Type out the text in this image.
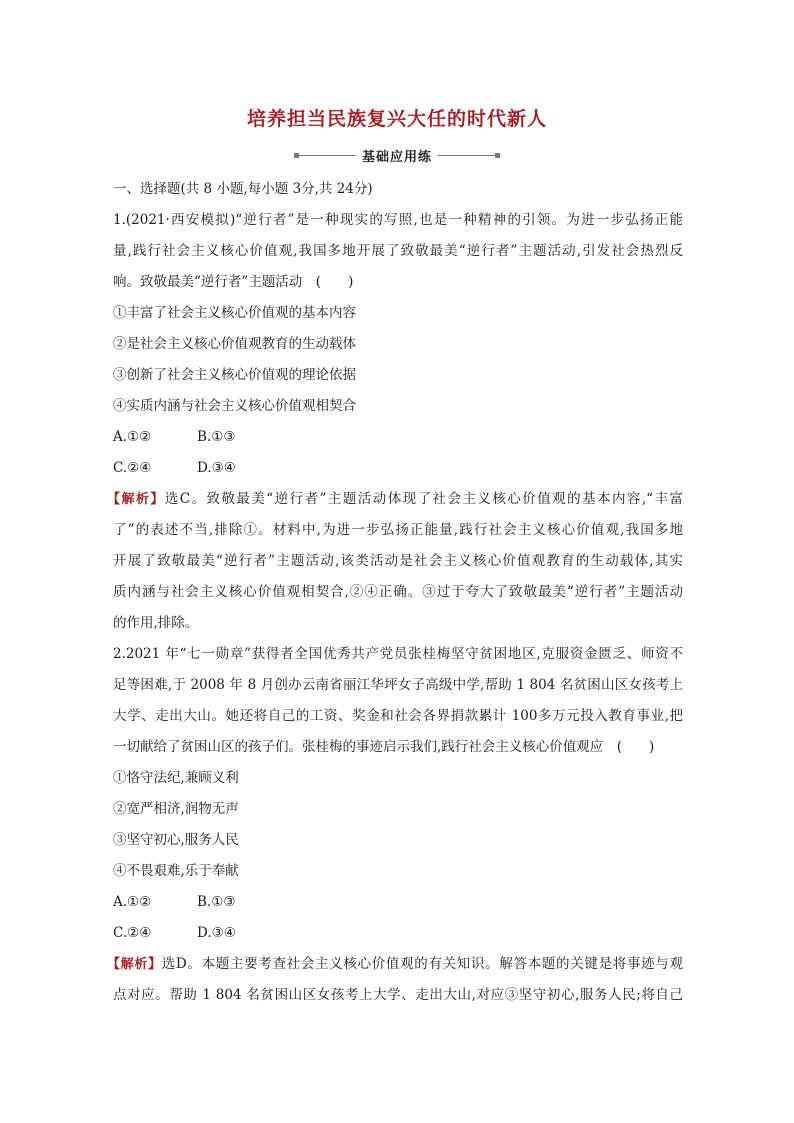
培养担当民族复兴大任的时代新人
基础应用练
一、选择题(共 8 小题,每小题 3分,共 24分)
1.(2021·西安模拟)“逆行者”是一种现实的写照,也是一种精神的引领。为进一步弘扬正能
量,践行社会主义核心价值观,我国多地开展了致敬最美“逆行者”主题活动,引发社会热烈反
响。致敬最美“逆行者”主题活动　(　　)
①丰富了社会主义核心价值观的基本内容
②是社会主义核心价值观教育的生动载体
③创新了社会主义核心价值观的理论依据
④实质内涵与社会主义核心价值观相契合
A.①②	B.①③
C.②④	D.③④
【解析】选C。致敬最美“逆行者”主题活动体现了社会主义核心价值观的基本内容,“丰富
了”的表述不当,排除①。材料中,为进一步弘扬正能量,践行社会主义核心价值观,我国多地
开展了致敬最美“逆行者”主题活动,该类活动是社会主义核心价值观教育的生动载体,其实
质内涵与社会主义核心价值观相契合,②④正确。③过于夸大了致敬最美“逆行者”主题活动
的作用,排除。
2.2021 年“七一勋章”获得者全国优秀共产党员张桂梅坚守贫困地区,克服资金匮乏、师资不
足等困难,于 2008 年 8 月创办云南省丽江华坪女子高级中学,帮助 1 804 名贫困山区女孩考上
大学、走出大山。她还将自己的工资、奖金和社会各界捐款累计 100多万元投入教育事业,把
一切献给了贫困山区的孩子们。张桂梅的事迹启示我们,践行社会主义核心价值观应　(　　)
①恪守法纪,兼顾义利
②宽严相济,润物无声
③坚守初心,服务人民
④不畏艰难,乐于奉献
A.①②	B.①③
C.②④	D.③④
【解析】选D。本题主要考查社会主义核心价值观的有关知识。解答本题的关键是将事迹与观
点对应。帮助 1 804 名贫困山区女孩考上大学、走出大山,对应③坚守初心,服务人民;将自己
